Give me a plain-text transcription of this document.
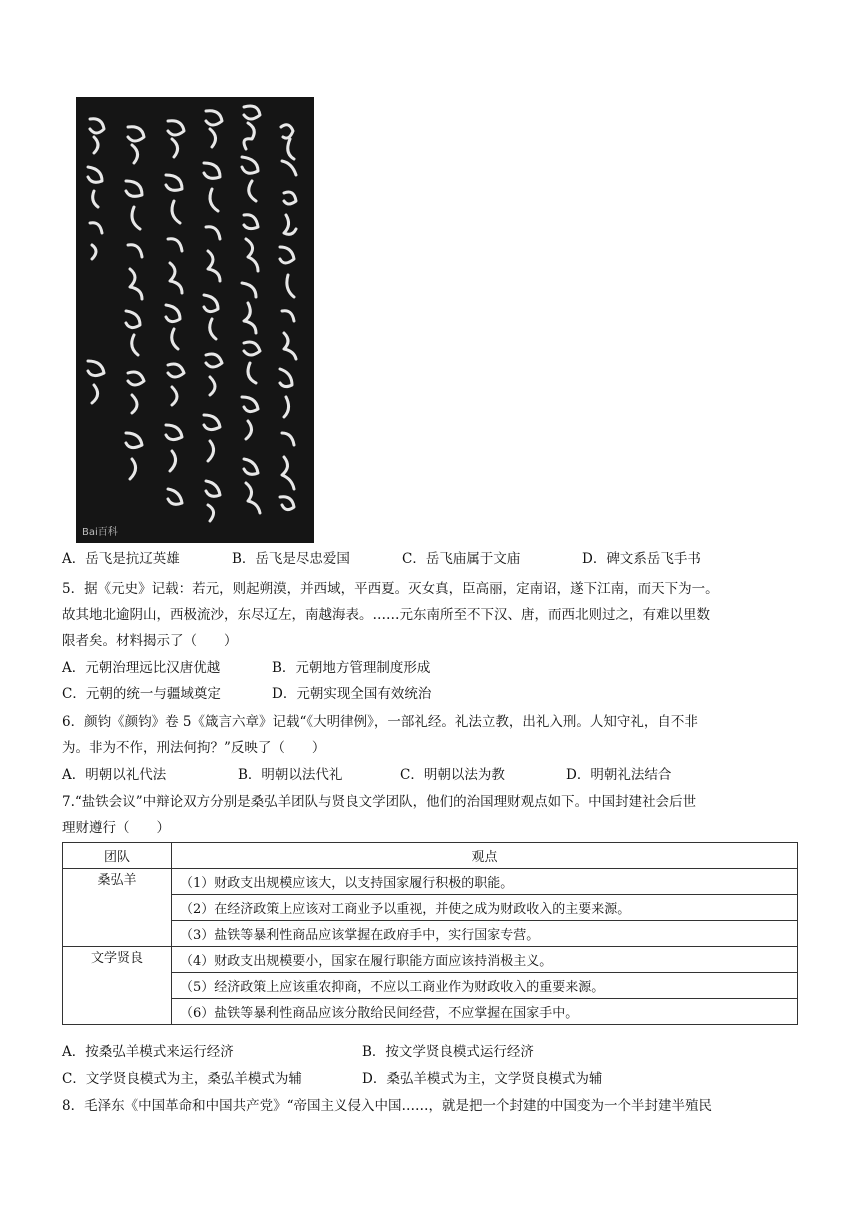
Bai百科
A．岳飞是抗辽英雄	B．岳飞是尽忠爱国	C．岳飞庙属于文庙	D．碑文系岳飞手书
5．据《元史》记载：若元，则起朔漠，并西域，平西夏。灭女真，臣高丽，定南诏，遂下江南，而天下为一。
故其地北逾阴山，西极流沙，东尽辽左，南越海表。……元东南所至不下汉、唐，而西北则过之，有难以里数
限者矣。材料揭示了（　　）
A．元朝治理远比汉唐优越	B．元朝地方管理制度形成
C．元朝的统一与疆域奠定	D．元朝实现全国有效统治
6．颜钧《颜钧》卷 5《箴言六章》记载“《大明律例》，一部礼经。礼法立教，出礼入刑。人知守礼，自不非
为。非为不作，刑法何拘？”反映了（　　）
A．明朝以礼代法	B．明朝以法代礼	C．明朝以法为教	D．明朝礼法结合
7.“盐铁会议”中辩论双方分别是桑弘羊团队与贤良文学团队，他们的治国理财观点如下。中国封建社会后世
理财遵行（　　）
团队	观点
桑弘羊	（1）财政支出规模应该大，以支持国家履行积极的职能。
	（2）在经济政策上应该对工商业予以重视，并使之成为财政收入的主要来源。
	（3）盐铁等暴利性商品应该掌握在政府手中，实行国家专营。
文学贤良	（4）财政支出规模要小，国家在履行职能方面应该持消极主义。
	（5）经济政策上应该重农抑商，不应以工商业作为财政收入的重要来源。
	（6）盐铁等暴利性商品应该分散给民间经营，不应掌握在国家手中。
A．按桑弘羊模式来运行经济	B．按文学贤良模式运行经济
C．文学贤良模式为主，桑弘羊模式为辅	D．桑弘羊模式为主，文学贤良模式为辅
8．毛泽东《中国革命和中国共产党》“帝国主义侵入中国……，就是把一个封建的中国变为一个半封建半殖民
